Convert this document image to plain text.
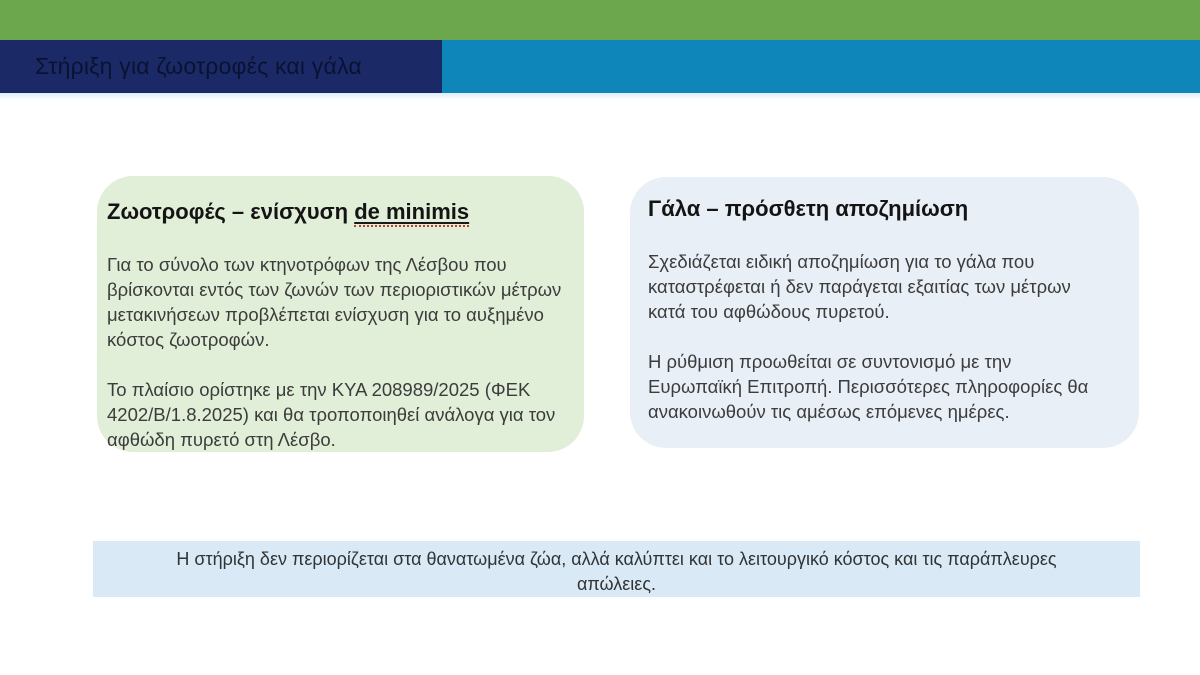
Στήριξη για ζωοτροφές και γάλα
Ζωοτροφές – ενίσχυση de minimis

Για το σύνολο των κτηνοτρόφων της Λέσβου που βρίσκονται εντός των ζωνών των περιοριστικών μέτρων μετακινήσεων προβλέπεται ενίσχυση για το αυξημένο κόστος ζωοτροφών.

Το πλαίσιο ορίστηκε με την ΚΥΑ 208989/2025 (ΦΕΚ 4202/Β/1.8.2025) και θα τροποποιηθεί ανάλογα για τον αφθώδη πυρετό στη Λέσβο.

Γάλα – πρόσθετη αποζημίωση

Σχεδιάζεται ειδική αποζημίωση για το γάλα που καταστρέφεται ή δεν παράγεται εξαιτίας των μέτρων κατά του αφθώδους πυρετού.

Η ρύθμιση προωθείται σε συντονισμό με την Ευρωπαϊκή Επιτροπή. Περισσότερες πληροφορίες θα ανακοινωθούν τις αμέσως επόμενες ημέρες.

Η στήριξη δεν περιορίζεται στα θανατωμένα ζώα, αλλά καλύπτει και το λειτουργικό κόστος και τις παράπλευρες
απώλειες.
